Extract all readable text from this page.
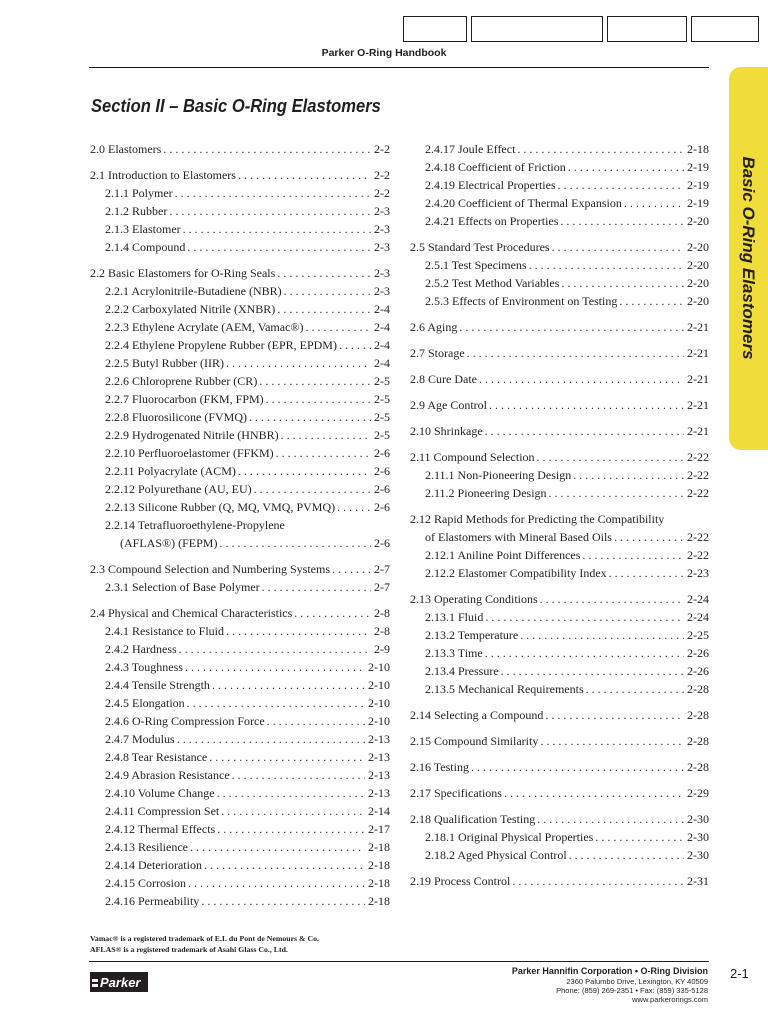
Parker O-Ring Handbook
Section II – Basic O-Ring Elastomers
Basic O-Ring Elastomers
2.0 Elastomers . . .	2-2
2.1 Introduction to Elastomers . . .	2-2
2.1.1 Polymer . . .	2-2
2.1.2 Rubber . . .	2-3
2.1.3 Elastomer . . .	2-3
2.1.4 Compound . . .	2-3
2.2 Basic Elastomers for O-Ring Seals . . .	2-3
2.2.1 Acrylonitrile-Butadiene (NBR) . . .	2-3
2.2.2 Carboxylated Nitrile (XNBR) . . .	2-4
2.2.3 Ethylene Acrylate (AEM, Vamac®) . . .	2-4
2.2.4 Ethylene Propylene Rubber (EPR, EPDM) . . .	2-4
2.2.5 Butyl Rubber (IIR) . . .	2-4
2.2.6 Chloroprene Rubber (CR) . . .	2-5
2.2.7 Fluorocarbon (FKM, FPM) . . .	2-5
2.2.8 Fluorosilicone (FVMQ) . . .	2-5
2.2.9 Hydrogenated Nitrile (HNBR) . . .	2-5
2.2.10 Perfluoroelastomer (FFKM) . . .	2-6
2.2.11 Polyacrylate (ACM) . . .	2-6
2.2.12 Polyurethane (AU, EU) . . .	2-6
2.2.13 Silicone Rubber (Q, MQ, VMQ, PVMQ) . . .	2-6
2.2.14 Tetrafluoroethylene-Propylene
(AFLAS®) (FEPM) . . .	2-6
2.3 Compound Selection and Numbering Systems . . .	2-7
2.3.1 Selection of Base Polymer . . .	2-7
2.4 Physical and Chemical Characteristics . . .	2-8
2.4.1 Resistance to Fluid . . .	2-8
2.4.2 Hardness . . .	2-9
2.4.3 Toughness . . .	2-10
2.4.4 Tensile Strength . . .	2-10
2.4.5 Elongation . . .	2-10
2.4.6 O-Ring Compression Force . . .	2-10
2.4.7 Modulus . . .	2-13
2.4.8 Tear Resistance . . .	2-13
2.4.9 Abrasion Resistance . . .	2-13
2.4.10 Volume Change . . .	2-13
2.4.11 Compression Set . . .	2-14
2.4.12 Thermal Effects . . .	2-17
2.4.13 Resilience . . .	2-18
2.4.14 Deterioration . . .	2-18
2.4.15 Corrosion . . .	2-18
2.4.16 Permeability . . .	2-18
2.4.17 Joule Effect . . .	2-18
2.4.18 Coefficient of Friction . . .	2-19
2.4.19 Electrical Properties . . .	2-19
2.4.20 Coefficient of Thermal Expansion . . .	2-19
2.4.21 Effects on Properties . . .	2-20
2.5 Standard Test Procedures . . .	2-20
2.5.1 Test Specimens . . .	2-20
2.5.2 Test Method Variables . . .	2-20
2.5.3 Effects of Environment on Testing . . .	2-20
2.6 Aging . . .	2-21
2.7 Storage . . .	2-21
2.8 Cure Date . . .	2-21
2.9 Age Control . . .	2-21
2.10 Shrinkage . . .	2-21
2.11 Compound Selection . . .	2-22
2.11.1 Non-Pioneering Design . . .	2-22
2.11.2 Pioneering Design . . .	2-22
2.12 Rapid Methods for Predicting the Compatibility
of Elastomers with Mineral Based Oils . . .	2-22
2.12.1 Aniline Point Differences . . .	2-22
2.12.2 Elastomer Compatibility Index . . .	2-23
2.13 Operating Conditions . . .	2-24
2.13.1 Fluid . . .	2-24
2.13.2 Temperature . . .	2-25
2.13.3 Time . . .	2-26
2.13.4 Pressure . . .	2-26
2.13.5 Mechanical Requirements . . .	2-28
2.14 Selecting a Compound . . .	2-28
2.15 Compound Similarity . . .	2-28
2.16 Testing . . .	2-28
2.17 Specifications . . .	2-29
2.18 Qualification Testing . . .	2-30
2.18.1 Original Physical Properties . . .	2-30
2.18.2 Aged Physical Control . . .	2-30
2.19 Process Control . . .	2-31
Vamac® is a registered trademark of E.I. du Pont de Nemours & Co.
AFLAS® is a registered trademark of Asahi Glass Co., Ltd.
Parker
Parker Hannifin Corporation • O-Ring Division
2360 Palumbo Drive, Lexington, KY 40509
Phone: (859) 269-2351 • Fax: (859) 335-5128
www.parkerorings.com
2-1
